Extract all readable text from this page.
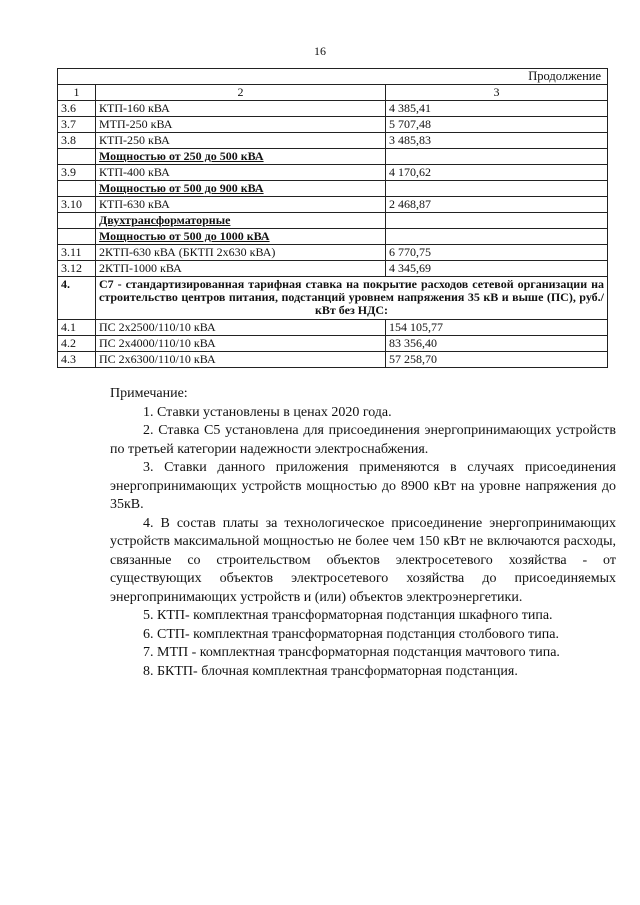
16
Продолжение		
1	2	3
3.6	КТП-160 кВА	4 385,41
3.7	МТП-250 кВА	5 707,48
3.8	КТП-250 кВА	3 485,83
	Мощностью от 250 до 500 кВА	
3.9	КТП-400 кВА	4 170,62
	Мощностью от 500 до 900 кВА	
3.10	КТП-630 кВА	2 468,87
	Двухтрансформаторные	
	Мощностью от 500 до 1000 кВА	
3.11	2КТП-630 кВА (БКТП 2х630 кВА)	6 770,75
3.12	2КТП-1000 кВА	4 345,69
4.	С7 - стандартизированная тарифная ставка на покрытие расходов сетевой организации на строительство центров питания, подстанций уровнем напряжения 35 кВ и выше (ПС), руб./кВт без НДС:	
4.1	ПС 2х2500/110/10 кВА	154 105,77
4.2	ПС 2х4000/110/10 кВА	83 356,40
4.3	ПС 2х6300/110/10 кВА	57 258,70

Примечание:

1. Ставки установлены в ценах 2020 года.

2. Ставка С5 установлена для присоединения энергопринимающих устройств по третьей категории надежности электроснабжения.

3. Ставки данного приложения применяются в случаях присоединения энергопринимающих устройств мощностью до 8900 кВт на уровне напряжения до 35кВ.

4. В состав платы за технологическое присоединение энергопринимающих устройств максимальной мощностью не более чем 150 кВт не включаются расходы, связанные со строительством объектов электросетевого хозяйства - от существующих объектов электросетевого хозяйства до присоединяемых энергопринимающих устройств и (или) объектов электроэнергетики.

5. КТП- комплектная трансформаторная подстанция шкафного типа.

6. СТП- комплектная трансформаторная подстанция столбового типа.

7. МТП - комплектная трансформаторная подстанция мачтового типа.

8. БКТП- блочная комплектная трансформаторная подстанция.
